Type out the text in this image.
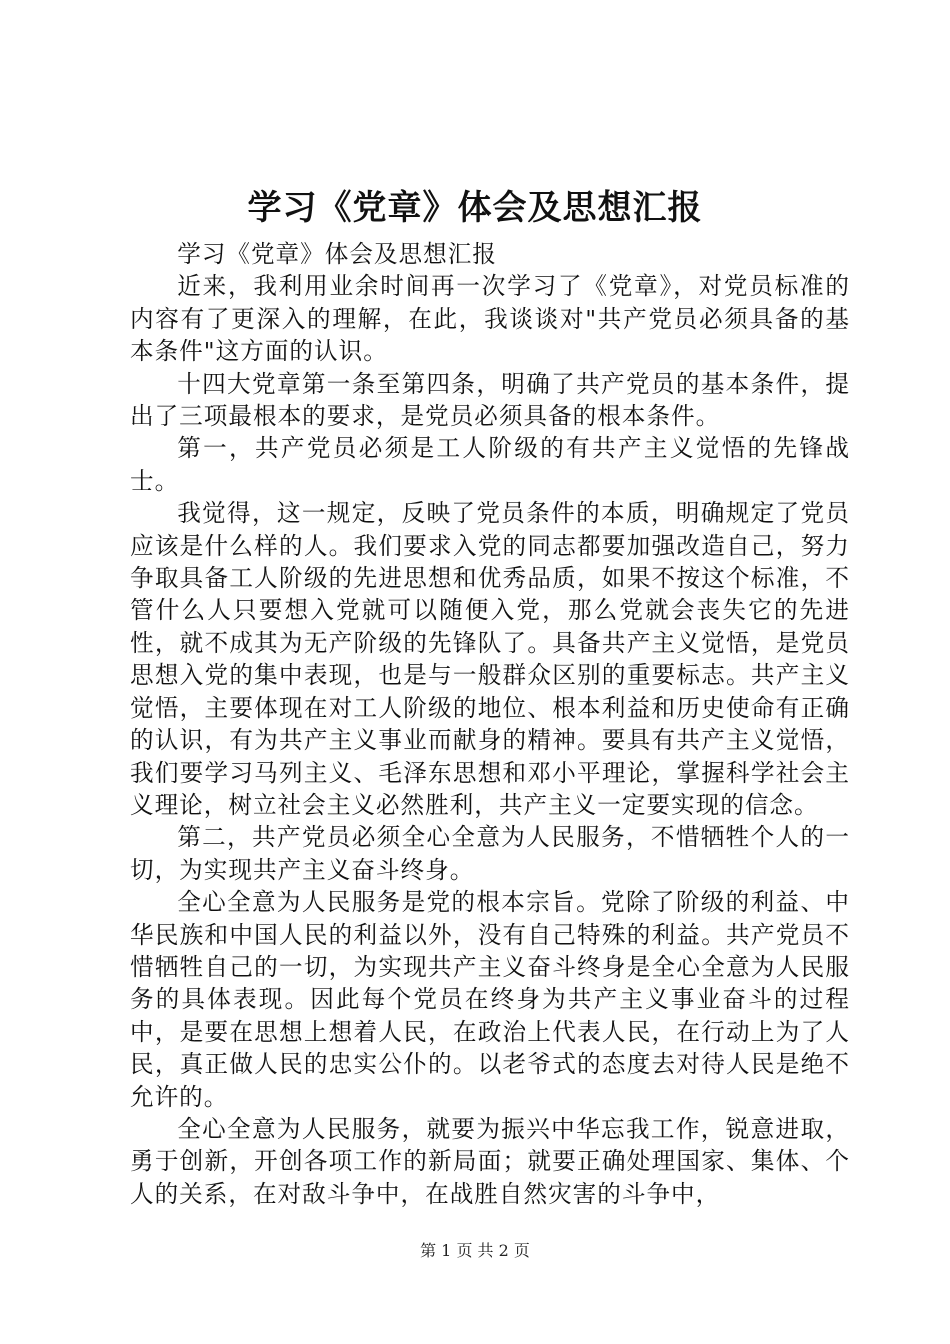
学习《党章》体会及思想汇报

学习《党章》体会及思想汇报

近来，我利用业余时间再一次学习了《党章》，对党员标准的内容有了更深入的理解，在此，我谈谈对"共产党员必须具备的基本条件"这方面的认识。

十四大党章第一条至第四条，明确了共产党员的基本条件，提出了三项最根本的要求，是党员必须具备的根本条件。

第一，共产党员必须是工人阶级的有共产主义觉悟的先锋战士。

我觉得，这一规定，反映了党员条件的本质，明确规定了党员应该是什么样的人。我们要求入党的同志都要加强改造自己，努力争取具备工人阶级的先进思想和优秀品质，如果不按这个标准，不管什么人只要想入党就可以随便入党，那么党就会丧失它的先进性，就不成其为无产阶级的先锋队了。具备共产主义觉悟，是党员思想入党的集中表现，也是与一般群众区别的重要标志。共产主义觉悟，主要体现在对工人阶级的地位、根本利益和历史使命有正确的认识，有为共产主义事业而献身的精神。要具有共产主义觉悟，我们要学习马列主义、毛泽东思想和邓小平理论，掌握科学社会主义理论，树立社会主义必然胜利，共产主义一定要实现的信念。

第二，共产党员必须全心全意为人民服务，不惜牺牲个人的一切，为实现共产主义奋斗终身。

全心全意为人民服务是党的根本宗旨。党除了阶级的利益、中华民族和中国人民的利益以外，没有自己特殊的利益。共产党员不惜牺牲自己的一切，为实现共产主义奋斗终身是全心全意为人民服务的具体表现。因此每个党员在终身为共产主义事业奋斗的过程中，是要在思想上想着人民，在政治上代表人民，在行动上为了人民，真正做人民的忠实公仆的。以老爷式的态度去对待人民是绝不允许的。

全心全意为人民服务，就要为振兴中华忘我工作，锐意进取，勇于创新，开创各项工作的新局面；就要正确处理国家、集体、个人的关系，在对敌斗争中，在战胜自然灾害的斗争中，

第 1 页 共 2 页
